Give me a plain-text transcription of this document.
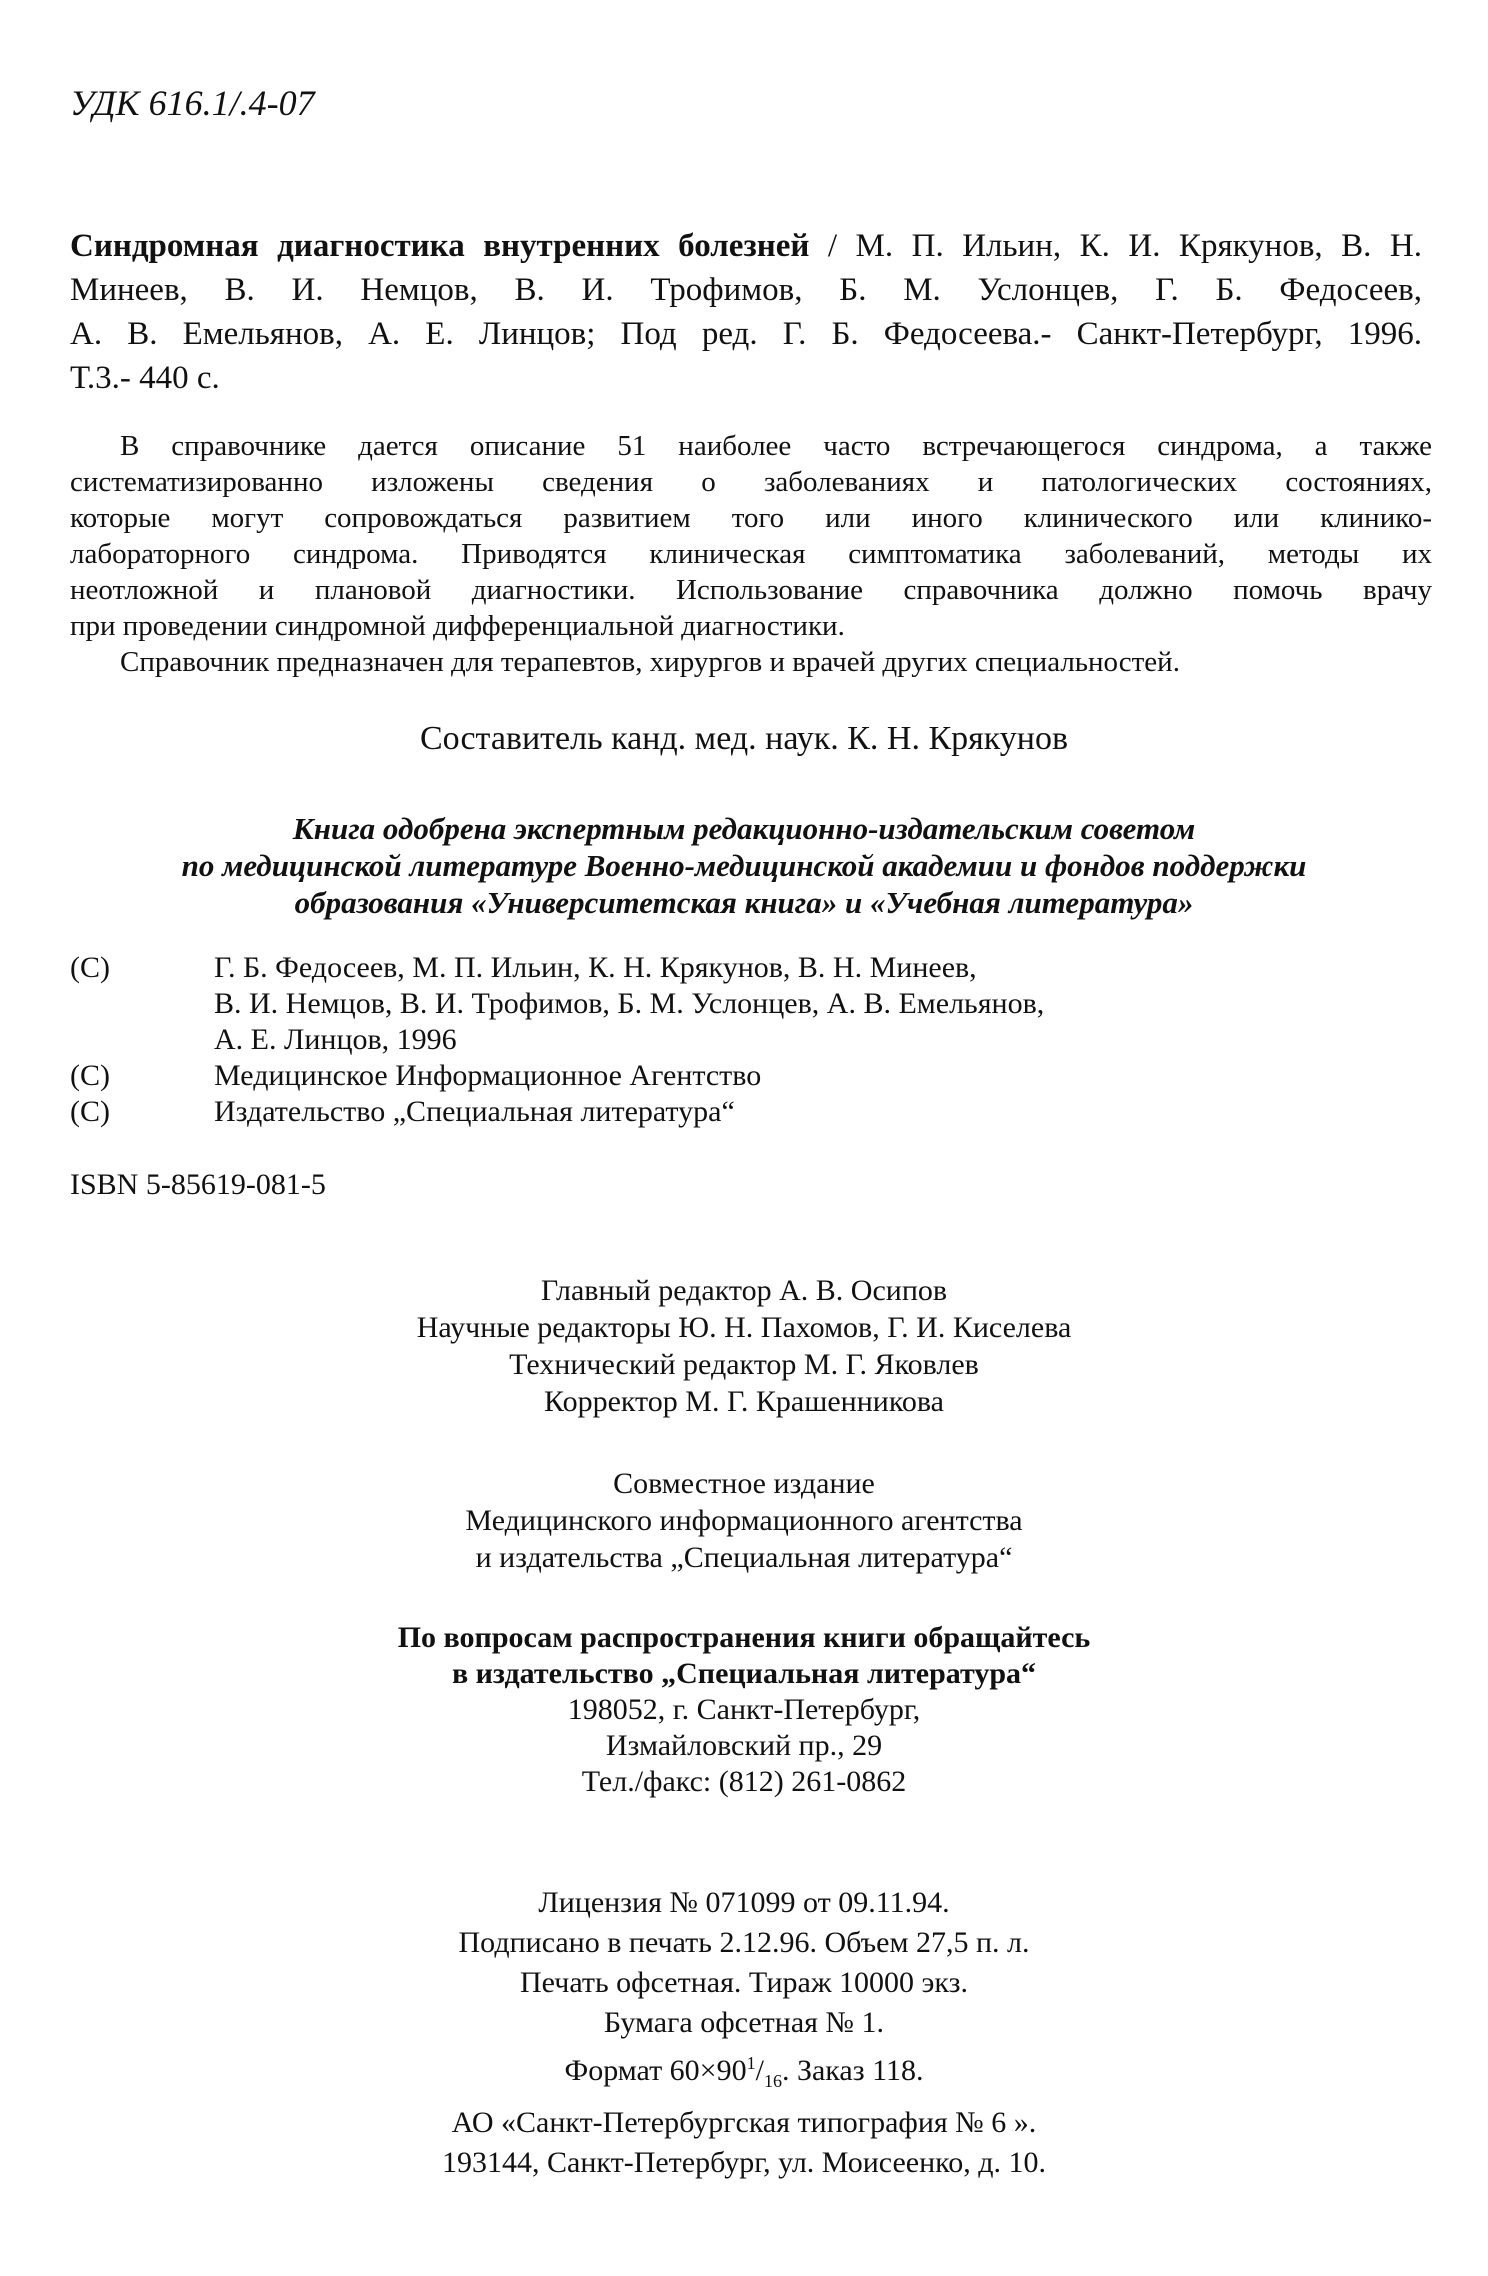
УДК 616.1/.4-07
Синдромная диагностика внутренних болезней / М. П. Ильин, К. И. Крякунов, В. Н.
Минеев, В. И. Немцов, В. И. Трофимов, Б. М. Услонцев, Г. Б. Федосеев,
А. В. Емельянов, А. Е. Линцов; Под ред. Г. Б. Федосеева.- Санкт-Петербург, 1996.
Т.3.- 440 с.
В справочнике дается описание 51 наиболее часто встречающегося синдрома, а также
систематизированно изложены сведения о заболеваниях и патологических состояниях,
которые могут сопровождаться развитием того или иного клинического или клинико-
лабораторного синдрома. Приводятся клиническая симптоматика заболеваний, методы их
неотложной и плановой диагностики. Использование справочника должно помочь врачу
при проведении синдромной дифференциальной диагностики.
Справочник предназначен для терапевтов, хирургов и врачей других специальностей.
Составитель канд. мед. наук. К. Н. Крякунов
Книга одобрена экспертным редакционно-издательским советом
по медицинской литературе Военно-медицинской академии и фондов поддержки
образования «Университетская книга» и «Учебная литература»
(С)	Г. Б. Федосеев, М. П. Ильин, К. Н. Крякунов, В. Н. Минеев,
В. И. Немцов, В. И. Трофимов, Б. М. Услонцев, А. В. Емельянов,
А. Е. Линцов, 1996
(С)	Медицинское Информационное Агентство
(С)	Издательство „Специальная литература“
ISBN 5-85619-081-5
Главный редактор А. В. Осипов
Научные редакторы Ю. Н. Пахомов, Г. И. Киселева
Технический редактор М. Г. Яковлев
Корректор М. Г. Крашенникова
Совместное издание
Медицинского информационного агентства
и издательства „Специальная литература“
По вопросам распространения книги обращайтесь
в издательство „Специальная литература“
198052, г. Санкт-Петербург,
Измайловский пр., 29
Тел./факс: (812) 261-0862
Лицензия № 071099 от 09.11.94.
Подписано в печать 2.12.96. Объем 27,5 п. л.
Печать офсетная. Тираж 10000 экз.
Бумага офсетная № 1.
Формат $60\times 90^1/_{16}$. Заказ 118.
АО «Санкт-Петербургская типография № 6 ».
193144, Санкт-Петербург, ул. Моисеенко, д. 10.
